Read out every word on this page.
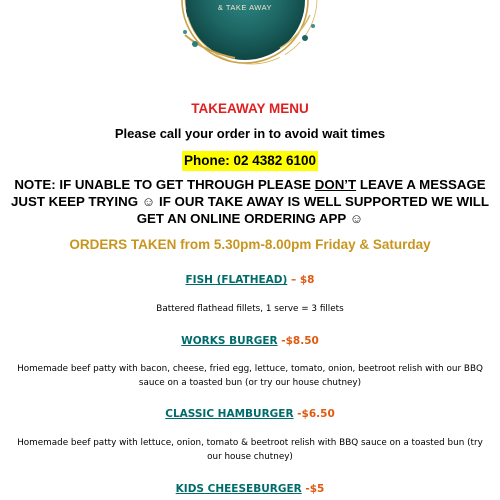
& TAKE AWAY
TAKEAWAY MENU
Please call your order in to avoid wait times
Phone: 02 4382 6100
NOTE: IF UNABLE TO GET THROUGH PLEASE DON’T LEAVE A MESSAGE JUST KEEP TRYING ☺ IF OUR TAKE AWAY IS WELL SUPPORTED WE WILL GET AN ONLINE ORDERING APP ☺
ORDERS TAKEN from 5.30pm-8.00pm Friday & Saturday
FISH (FLATHEAD) – $8
Battered flathead fillets, 1 serve = 3 fillets
WORKS BURGER -$8.50
Homemade beef patty with bacon, cheese, fried egg, lettuce, tomato, onion, beetroot relish with our BBQ sauce on a toasted bun (or try our house chutney)
CLASSIC HAMBURGER -$6.50
Homemade beef patty with lettuce, onion, tomato & beetroot relish with BBQ sauce on a toasted bun (try our house chutney)
KIDS CHEESEBURGER -$5
